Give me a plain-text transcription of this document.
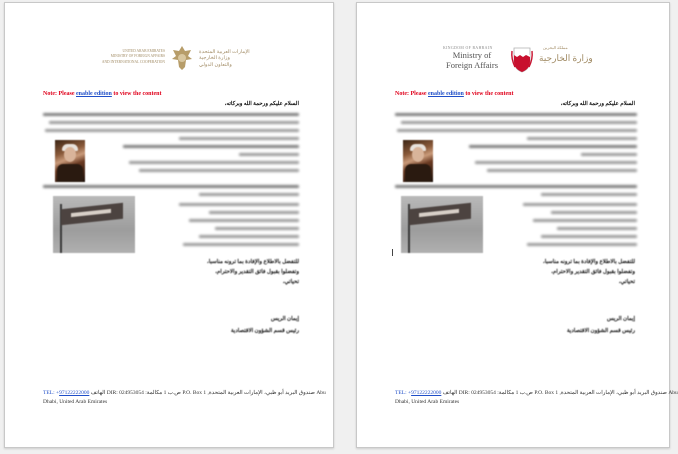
UNITED ARAB EMIRATES
MINISTRY OF FOREIGN AFFAIRS
AND INTERNATIONAL COOPERATION
الإمارات العربية المتحدة
وزارة الخارجية
والتعاون الدولي
Note: Please enable edition to view the content
السلام عليكم ورحمة الله وبركاته،
للتفضل بالاطلاع والإفادة بما ترونه مناسبا،
وتفضلوا بقبول فائق التقدير والاحترام،
تحياتي،
إيمان الريس
رئيس قسم الشؤون الاقتصادية
TEL: +97122222000 الهاتف DIR: 024953054 :ص.ب 1 مكالمة P.O. Box 1 ,صندوق البريد أبو ظبي، الإمارات العربية المتحدة Abu
Dhabi, United Arab Emirates
KINGDOM OF BAHRAIN
Ministry of
Foreign Affairs
مملكة البحرين
وزارة الخارجية
Note: Please enable edition to view the content
السلام عليكم ورحمة الله وبركاته،
للتفضل بالاطلاع والإفادة بما ترونه مناسبا،
وتفضلوا بقبول فائق التقدير والاحترام،
تحياتي،
إيمان الريس
رئيس قسم الشؤون الاقتصادية
TEL: +97122222000 الهاتف DIR: 024953054 :ص.ب 1 مكالمة P.O. Box 1 ,صندوق البريد أبو ظبي، الإمارات العربية المتحدة Abu
Dhabi, United Arab Emirates
